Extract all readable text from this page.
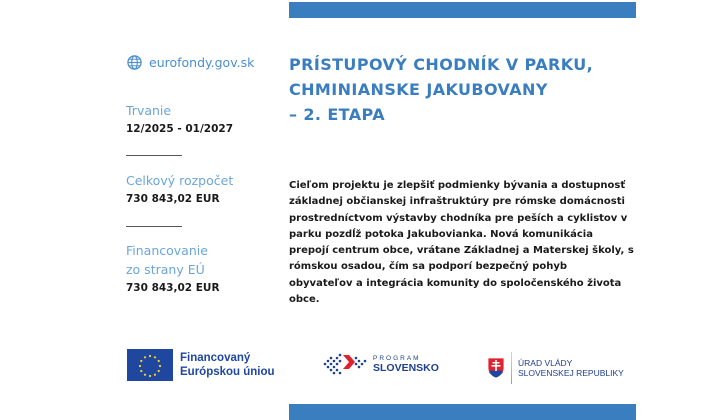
eurofondy.gov.sk
Trvanie
12/2025 - 01/2027
Celkový rozpočet
730 843,02 EUR
Financovanie
zo strany EÚ
730 843,02 EUR
PRÍSTUPOVÝ CHODNÍK V PARKU,
CHMINIANSKE JAKUBOVANY
– 2. ETAPA
Cieľom projektu je zlepšiť podmienky bývania a dostupnosť základnej občianskej infraštruktúry pre rómske domácnosti prostredníctvom výstavby chodníka pre peších a cyklistov v parku pozdĺž potoka Jakubovianka. Nová komunikácia prepojí centrum obce, vrátane Základnej a Materskej školy, s rómskou osadou, čím sa podporí bezpečný pohyb obyvateľov a integrácia komunity do spoločenského života obce.
Financovaný
Európskou úniou
PROGRAM
SLOVENSKO	ÚRAD VLÁDY
SLOVENSKEJ REPUBLIKY
